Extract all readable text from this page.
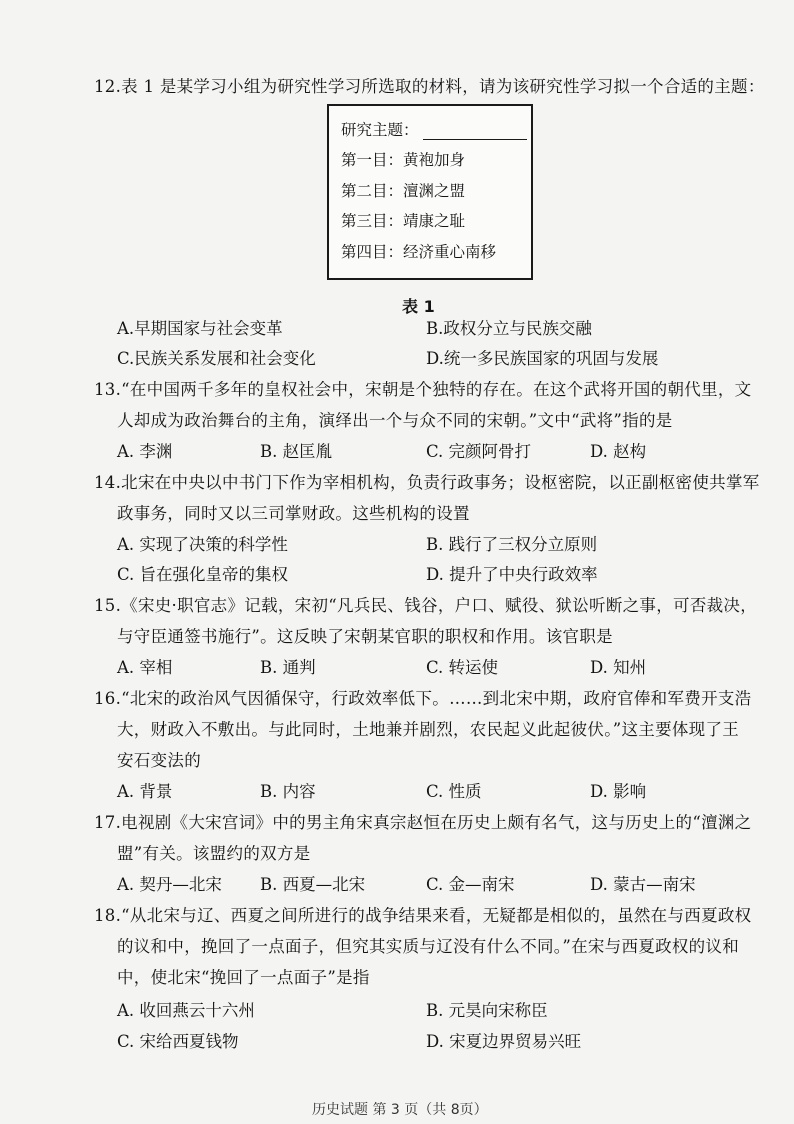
12.表 1 是某学习小组为研究性学习所选取的材料，请为该研究性学习拟一个合适的主题：
研究主题：
第一目：黄袍加身
第二目：澶渊之盟
第三目：靖康之耻
第四目：经济重心南移
表 1
A.早期国家与社会变革	B.政权分立与民族交融
C.民族关系发展和社会变化	D.统一多民族国家的巩固与发展
13.“在中国两千多年的皇权社会中，宋朝是个独特的存在。在这个武将开国的朝代里，文
人却成为政治舞台的主角，演绎出一个与众不同的宋朝。”文中“武将”指的是
A. 李渊	B. 赵匡胤	C. 完颜阿骨打	D. 赵构
14.北宋在中央以中书门下作为宰相机构，负责行政事务；设枢密院，以正副枢密使共掌军
政事务，同时又以三司掌财政。这些机构的设置
A. 实现了决策的科学性	B. 践行了三权分立原则
C. 旨在强化皇帝的集权	D. 提升了中央行政效率
15.《宋史·职官志》记载，宋初“凡兵民、钱谷，户口、赋役、狱讼听断之事，可否裁决，
与守臣通签书施行”。这反映了宋朝某官职的职权和作用。该官职是
A. 宰相	B. 通判	C. 转运使	D. 知州
16.“北宋的政治风气因循保守，行政效率低下。……到北宋中期，政府官俸和军费开支浩
大，财政入不敷出。与此同时，土地兼并剧烈，农民起义此起彼伏。”这主要体现了王
安石变法的
A. 背景	B. 内容	C. 性质	D. 影响
17.电视剧《大宋宫词》中的男主角宋真宗赵恒在历史上颇有名气，这与历史上的“澶渊之
盟”有关。该盟约的双方是
A. 契丹—北宋 B. 西夏—北宋	C. 金—南宋	D. 蒙古—南宋
18.“从北宋与辽、西夏之间所进行的战争结果来看，无疑都是相似的，虽然在与西夏政权
的议和中，挽回了一点面子，但究其实质与辽没有什么不同。”在宋与西夏政权的议和
中，使北宋“挽回了一点面子”是指
A. 收回燕云十六州	B. 元昊向宋称臣
C. 宋给西夏钱物	D. 宋夏边界贸易兴旺
历史试题 第 3 页（共 8页）
